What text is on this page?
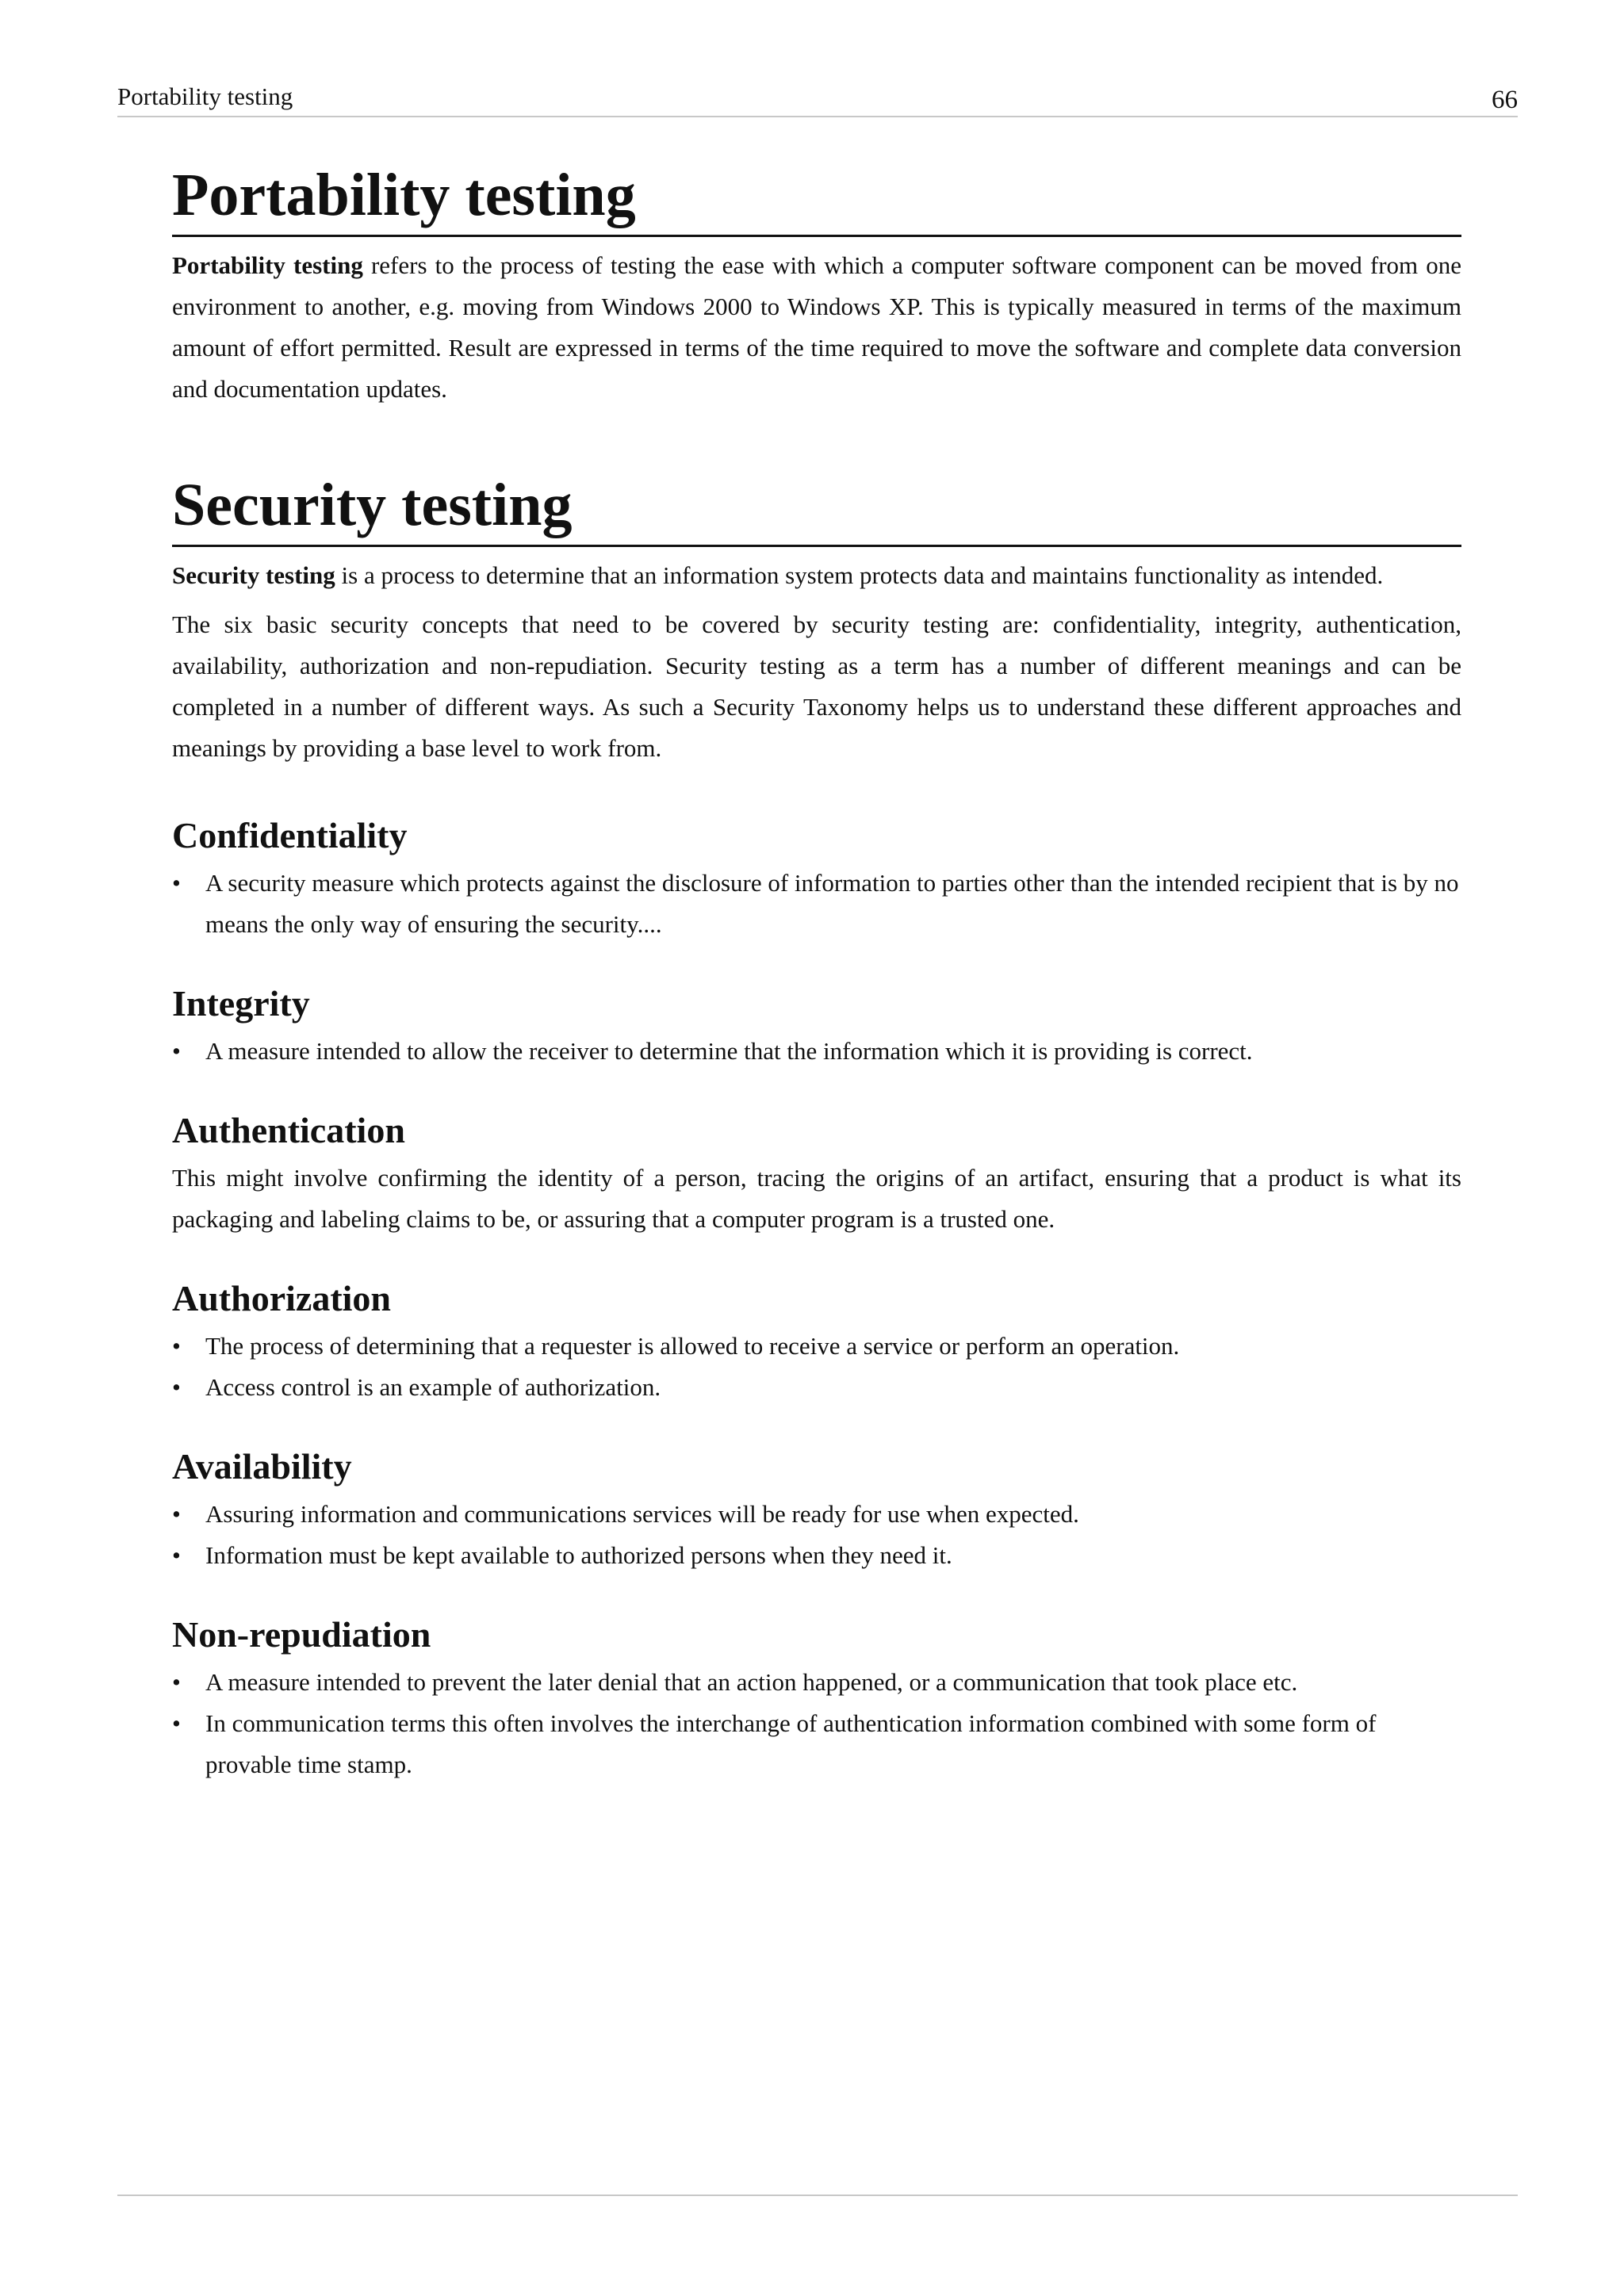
Portability testing	66
Portability testing

Portability testing refers to the process of testing the ease with which a computer software component can be moved from one environment to another, e.g. moving from Windows 2000 to Windows XP. This is typically measured in terms of the maximum amount of effort permitted. Result are expressed in terms of the time required to move the software and complete data conversion and documentation updates.

Security testing

Security testing is a process to determine that an information system protects data and maintains functionality as intended.

The six basic security concepts that need to be covered by security testing are: confidentiality, integrity, authentication, availability, authorization and non-repudiation. Security testing as a term has a number of different meanings and can be completed in a number of different ways. As such a Security Taxonomy helps us to understand these different approaches and meanings by providing a base level to work from.

Confidentiality
• A security measure which protects against the disclosure of information to parties other than the intended recipient that is by no means the only way of ensuring the security....
Integrity
• A measure intended to allow the receiver to determine that the information which it is providing is correct.
Authentication

This might involve confirming the identity of a person, tracing the origins of an artifact, ensuring that a product is what its packaging and labeling claims to be, or assuring that a computer program is a trusted one.

Authorization
• The process of determining that a requester is allowed to receive a service or perform an operation.
• Access control is an example of authorization.
Availability
• Assuring information and communications services will be ready for use when expected.
• Information must be kept available to authorized persons when they need it.
Non-repudiation
• A measure intended to prevent the later denial that an action happened, or a communication that took place etc.
• In communication terms this often involves the interchange of authentication information combined with some form of provable time stamp.
